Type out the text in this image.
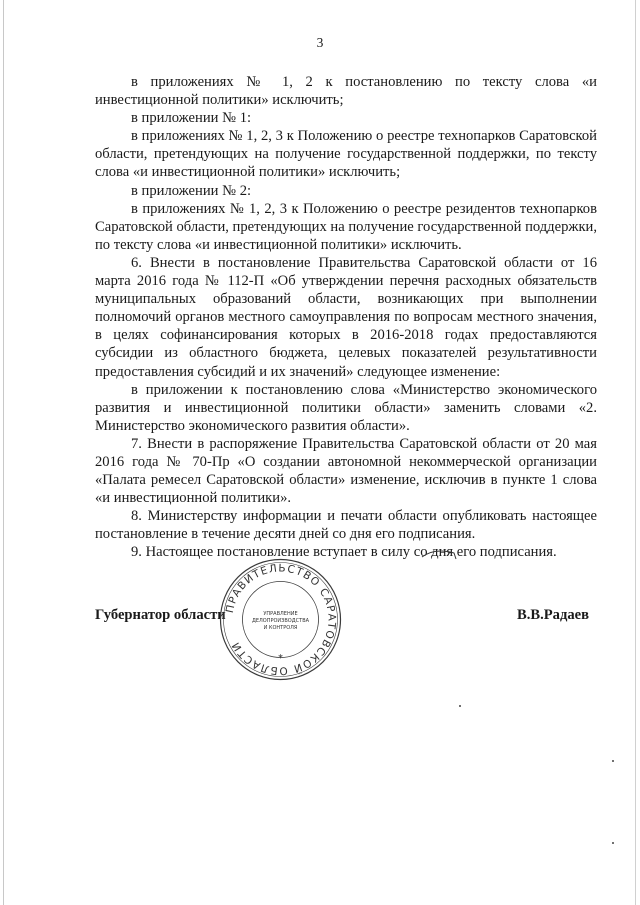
3

в приложениях № 1, 2 к постановлению по тексту слова «и инвестиционной политики» исключить;

в приложении № 1:

в приложениях № 1, 2, 3 к Положению о реестре технопарков Саратовской области, претендующих на получение государственной поддержки, по тексту слова «и инвестиционной политики» исключить;

в приложении № 2:

в приложениях № 1, 2, 3 к Положению о реестре резидентов технопарков Саратовской области, претендующих на получение государственной поддержки, по тексту слова «и инвестиционной политики» исключить.

6. Внести в постановление Правительства Саратовской области от 16 марта 2016 года № 112-П «Об утверждении перечня расходных обязательств муниципальных образований области, возникающих при выполнении полномочий органов местного самоуправления по вопросам местного значения, в целях софинансирования которых в 2016-2018 годах предоставляются субсидии из областного бюджета, целевых показателей результативности предоставления субсидий и их значений» следующее изменение:

в приложении к постановлению слова «Министерство экономического развития и инвестиционной политики области» заменить словами «2. Министерство экономического развития области».

7. Внести в распоряжение Правительства Саратовской области от 20 мая 2016 года № 70-Пр «О создании автономной некоммерческой организации «Палата ремесел Саратовской области» изменение, исключив в пункте 1 слова «и инвестиционной политики».

8. Министерству информации и печати области опубликовать настоящее постановление в течение десяти дней со дня его подписания.

9. Настоящее постановление вступает в силу со дня его подписания.

Губернатор области	В.В.Радаев
ПРАВИТЕЛЬСТВО САРАТОВСКОЙ ОБЛАСТИ
*
УПРАВЛЕНИЕ
ДЕЛОПРОИЗВОДСТВА
И КОНТРОЛЯ
